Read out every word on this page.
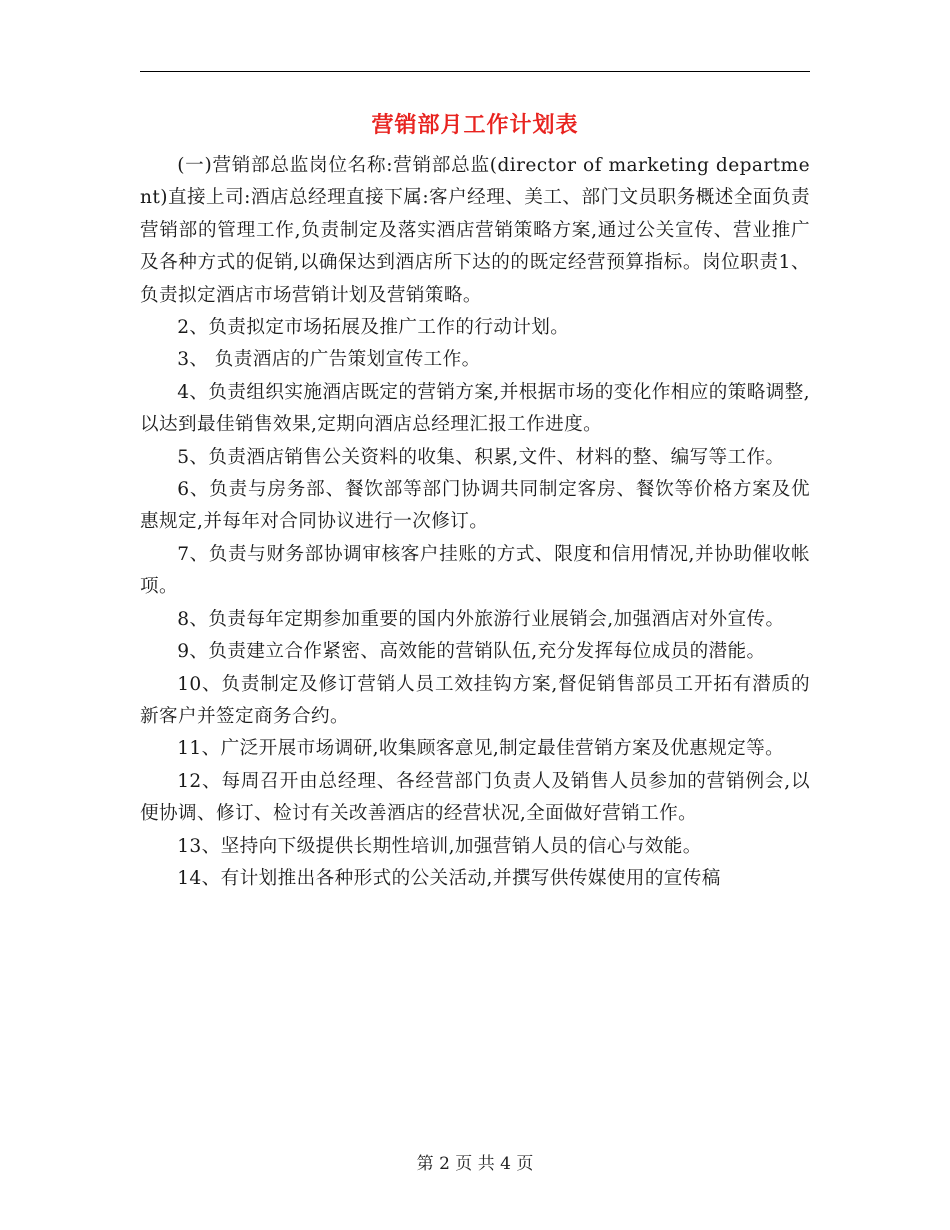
营销部月工作计划表

(一)营销部总监岗位名称:营销部总监(director of marketing department)直接上司:酒店总经理直接下属:客户经理、美工、部门文员职务概述全面负责营销部的管理工作,负责制定及落实酒店营销策略方案,通过公关宣传、营业推广及各种方式的促销,以确保达到酒店所下达的的既定经营预算指标。岗位职责1、负责拟定酒店市场营销计划及营销策略。

2、负责拟定市场拓展及推广工作的行动计划。

3、 负责酒店的广告策划宣传工作。

4、负责组织实施酒店既定的营销方案,并根据市场的变化作相应的策略调整,以达到最佳销售效果,定期向酒店总经理汇报工作进度。

5、负责酒店销售公关资料的收集、积累,文件、材料的整、编写等工作。

6、负责与房务部、餐饮部等部门协调共同制定客房、餐饮等价格方案及优惠规定,并每年对合同协议进行一次修订。

7、负责与财务部协调审核客户挂账的方式、限度和信用情况,并协助催收帐项。

8、负责每年定期参加重要的国内外旅游行业展销会,加强酒店对外宣传。

9、负责建立合作紧密、高效能的营销队伍,充分发挥每位成员的潜能。

10、负责制定及修订营销人员工效挂钩方案,督促销售部员工开拓有潜质的新客户并签定商务合约。

11、广泛开展市场调研,收集顾客意见,制定最佳营销方案及优惠规定等。

12、每周召开由总经理、各经营部门负责人及销售人员参加的营销例会,以便协调、修订、检讨有关改善酒店的经营状况,全面做好营销工作。

13、坚持向下级提供长期性培训,加强营销人员的信心与效能。

14、有计划推出各种形式的公关活动,并撰写供传媒使用的宣传稿

第 2 页 共 4 页
